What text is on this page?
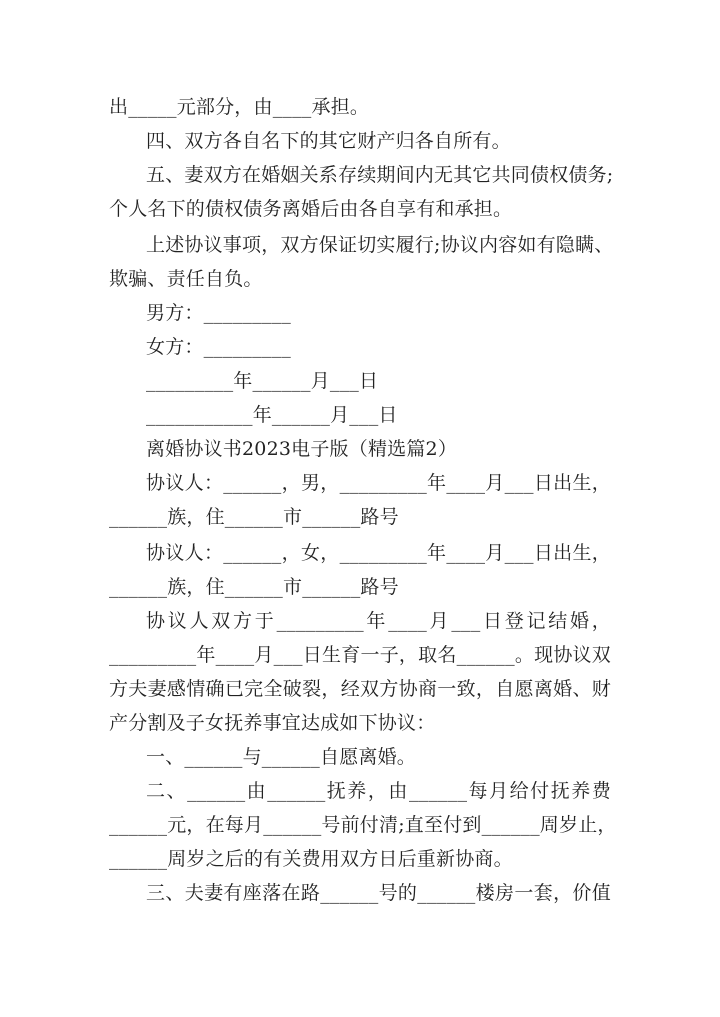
出_____元部分，由____承担。
四、双方各自名下的其它财产归各自所有。
五、妻双方在婚姻关系存续期间内无其它共同债权债务;
个人名下的债权债务离婚后由各自享有和承担。
上述协议事项，双方保证切实履行;协议内容如有隐瞒、
欺骗、责任自负。
男方：_________
女方：_________
_________年______月___日
___________年______月___日
离婚协议书2023电子版（精选篇2）
协议人：______，男，_________年____月___日出生，
______族，住______市______路号
协议人：______，女，_________年____月___日出生，
______族，住______市______路号
协议人双方于_________年____月___日登记结婚，
_________年____月___日生育一子，取名______。现协议双
方夫妻感情确已完全破裂，经双方协商一致，自愿离婚、财
产分割及子女抚养事宜达成如下协议：
一、______与______自愿离婚。
二、______由______抚养，由______每月给付抚养费
______元，在每月______号前付清;直至付到______周岁止，
______周岁之后的有关费用双方日后重新协商。
三、夫妻有座落在路______号的______楼房一套，价值
